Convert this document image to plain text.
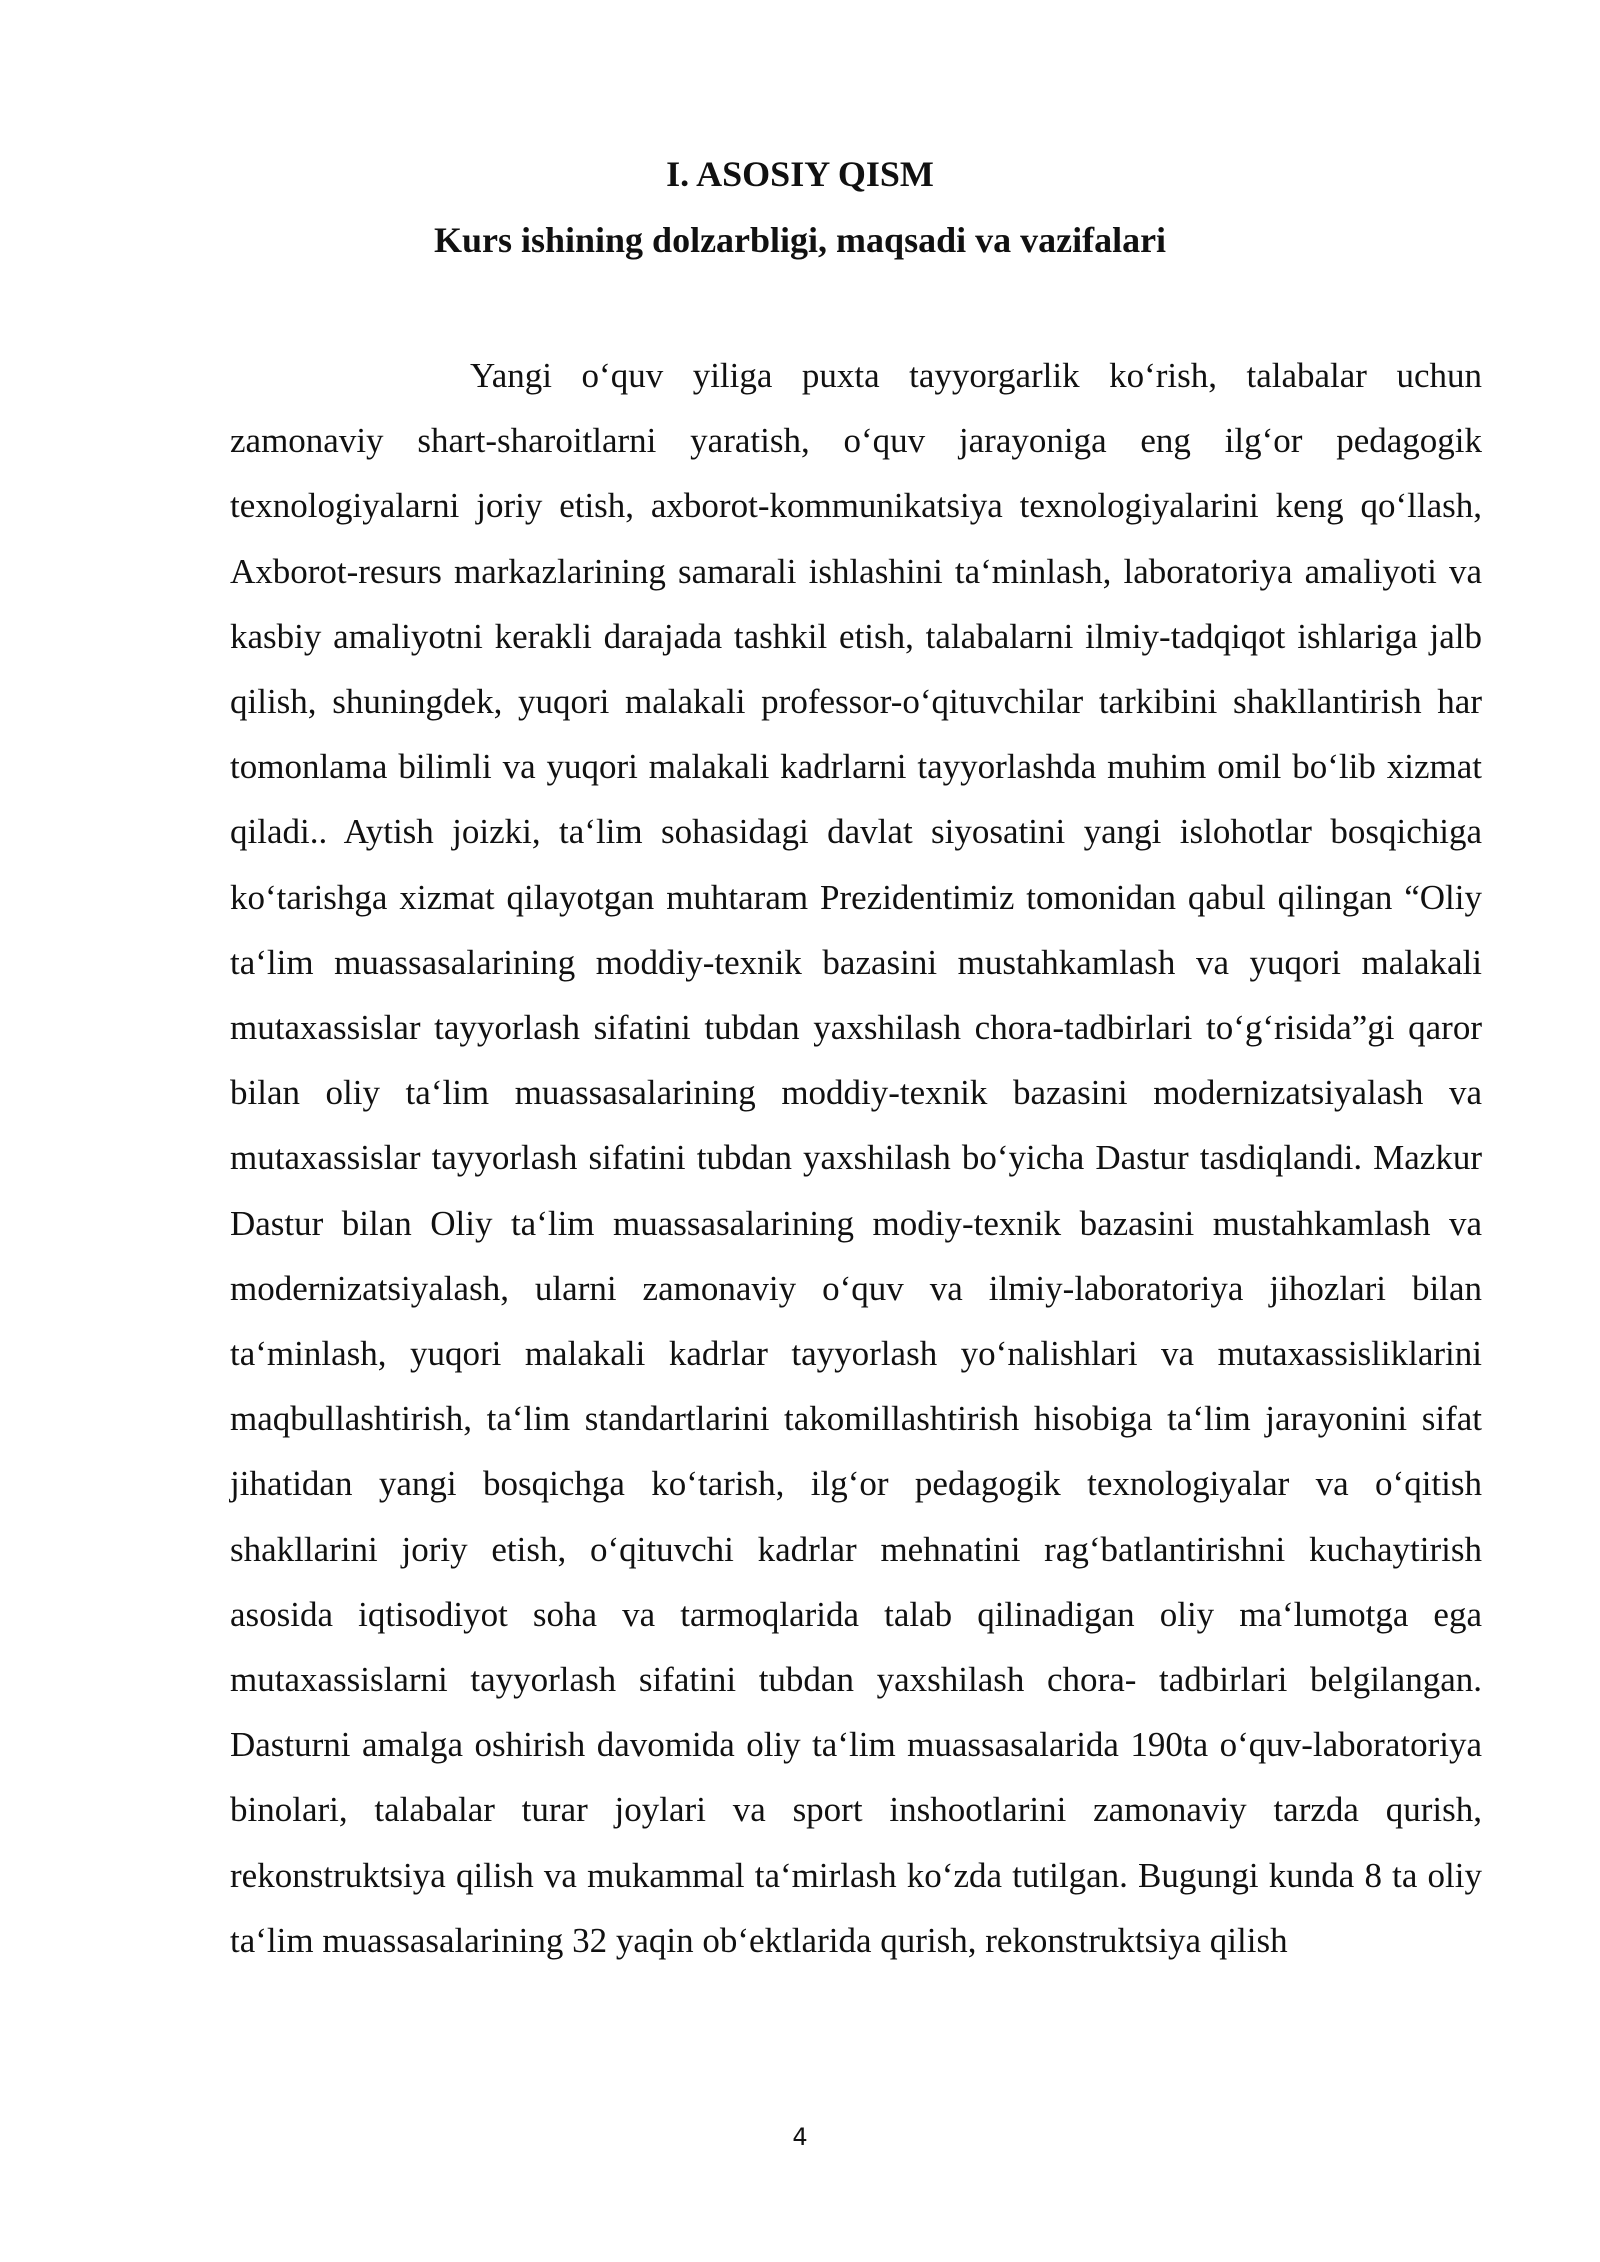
I. ASOSIY QISM
Kurs ishining dolzarbligi, maqsadi va vazifalari

Yangi o‘quv yiliga puxta tayyorgarlik ko‘rish, talabalar uchun zamonaviy shart-sharoitlarni yaratish, o‘quv jarayoniga eng ilg‘or pedagogik texnologiyalarni joriy etish, axborot-kommunikatsiya texnologiyalarini keng qo‘llash, Axborot-resurs markazlarining samarali ishlashini ta‘minlash, laboratoriya amaliyoti va kasbiy amaliyotni kerakli darajada tashkil etish, talabalarni ilmiy-tadqiqot ishlariga jalb qilish, shuningdek, yuqori malakali professor-o‘qituvchilar tarkibini shakllantirish har tomonlama bilimli va yuqori malakali kadrlarni tayyorlashda muhim omil bo‘lib xizmat qiladi.. Aytish joizki, ta‘lim sohasidagi davlat siyosatini yangi islohotlar bosqichiga ko‘tarishga xizmat qilayotgan muhtaram Prezidentimiz tomonidan qabul qilingan “Oliy ta‘lim muassasalarining moddiy-texnik bazasini mustahkamlash va yuqori malakali mutaxassislar tayyorlash sifatini tubdan yaxshilash chora-tadbirlari to‘g‘risida”gi qaror bilan oliy ta‘lim muassasalarining moddiy-texnik bazasini modernizatsiyalash va mutaxassislar tayyorlash sifatini tubdan yaxshilash bo‘yicha Dastur tasdiqlandi. Mazkur Dastur bilan Oliy ta‘lim muassasalarining modiy-texnik bazasini mustahkamlash va modernizatsiyalash, ularni zamonaviy o‘quv va ilmiy-laboratoriya jihozlari bilan ta‘minlash, yuqori malakali kadrlar tayyorlash yo‘nalishlari va mutaxassisliklarini maqbullashtirish, ta‘lim standartlarini takomillashtirish hisobiga ta‘lim jarayonini sifat jihatidan yangi bosqichga ko‘tarish, ilg‘or pedagogik texnologiyalar va o‘qitish shakllarini joriy etish, o‘qituvchi kadrlar mehnatini rag‘batlantirishni kuchaytirish asosida iqtisodiyot soha va tarmoqlarida talab qilinadigan oliy ma‘lumotga ega mutaxassislarni tayyorlash sifatini tubdan yaxshilash chora- tadbirlari belgilangan. Dasturni amalga oshirish davomida oliy ta‘lim muassasalarida 190ta o‘quv-laboratoriya binolari, talabalar turar joylari va sport inshootlarini zamonaviy tarzda qurish, rekonstruktsiya qilish va mukammal ta‘mirlash ko‘zda tutilgan. Bugungi kunda 8 ta oliy ta‘lim muassasalarining 32 yaqin ob‘ektlarida qurish, rekonstruktsiya qilish

4
